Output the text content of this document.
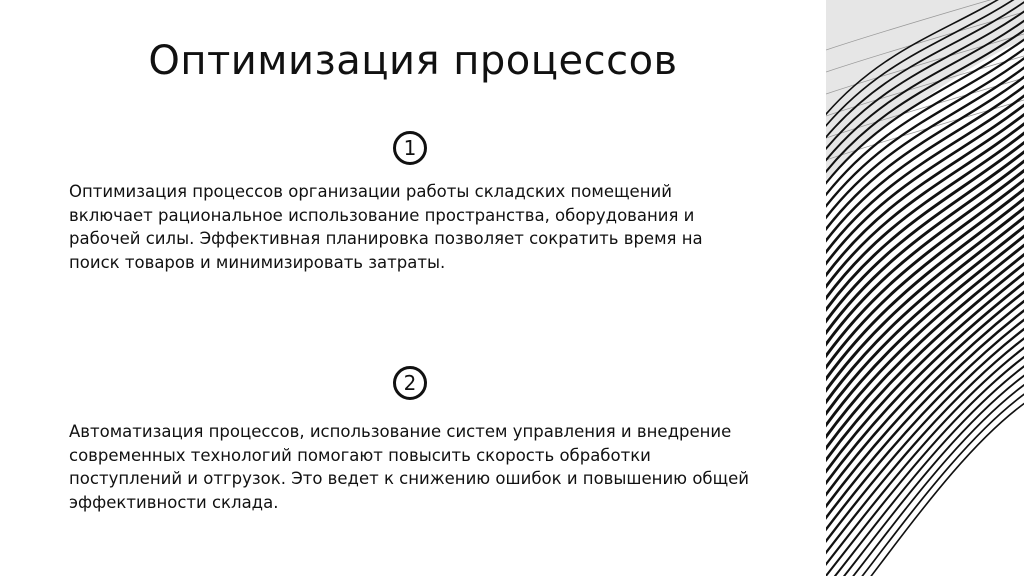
Оптимизация процессов
1

Оптимизация процессов организации работы складских помещений включает рациональное использование пространства, оборудования и рабочей силы. Эффективная планировка позволяет сократить время на поиск товаров и минимизировать затраты.

2

Автоматизация процессов, использование систем управления и внедрение современных технологий помогают повысить скорость обработки поступлений и отгрузок. Это ведет к снижению ошибок и повышению общей эффективности склада.
